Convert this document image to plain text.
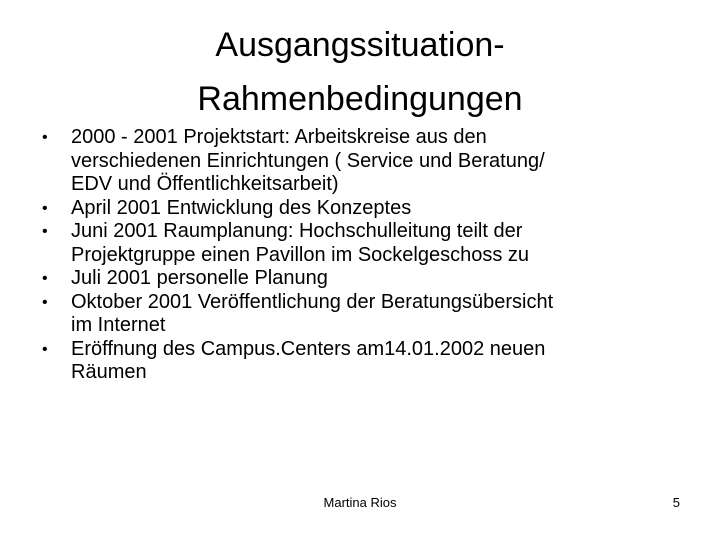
Ausgangssituation-
Rahmenbedingungen
• 2000 - 2001 Projektstart: Arbeitskreise aus den
verschiedenen Einrichtungen ( Service und Beratung/
EDV und Öffentlichkeitsarbeit)
• April 2001 Entwicklung des Konzeptes
• Juni 2001 Raumplanung: Hochschulleitung teilt der
Projektgruppe einen Pavillon im Sockelgeschoss zu
• Juli 2001 personelle Planung
• Oktober 2001 Veröffentlichung der Beratungsübersicht
im Internet
• Eröffnung des Campus.Centers am14.01.2002 neuen
Räumen
Martina Rios	5
